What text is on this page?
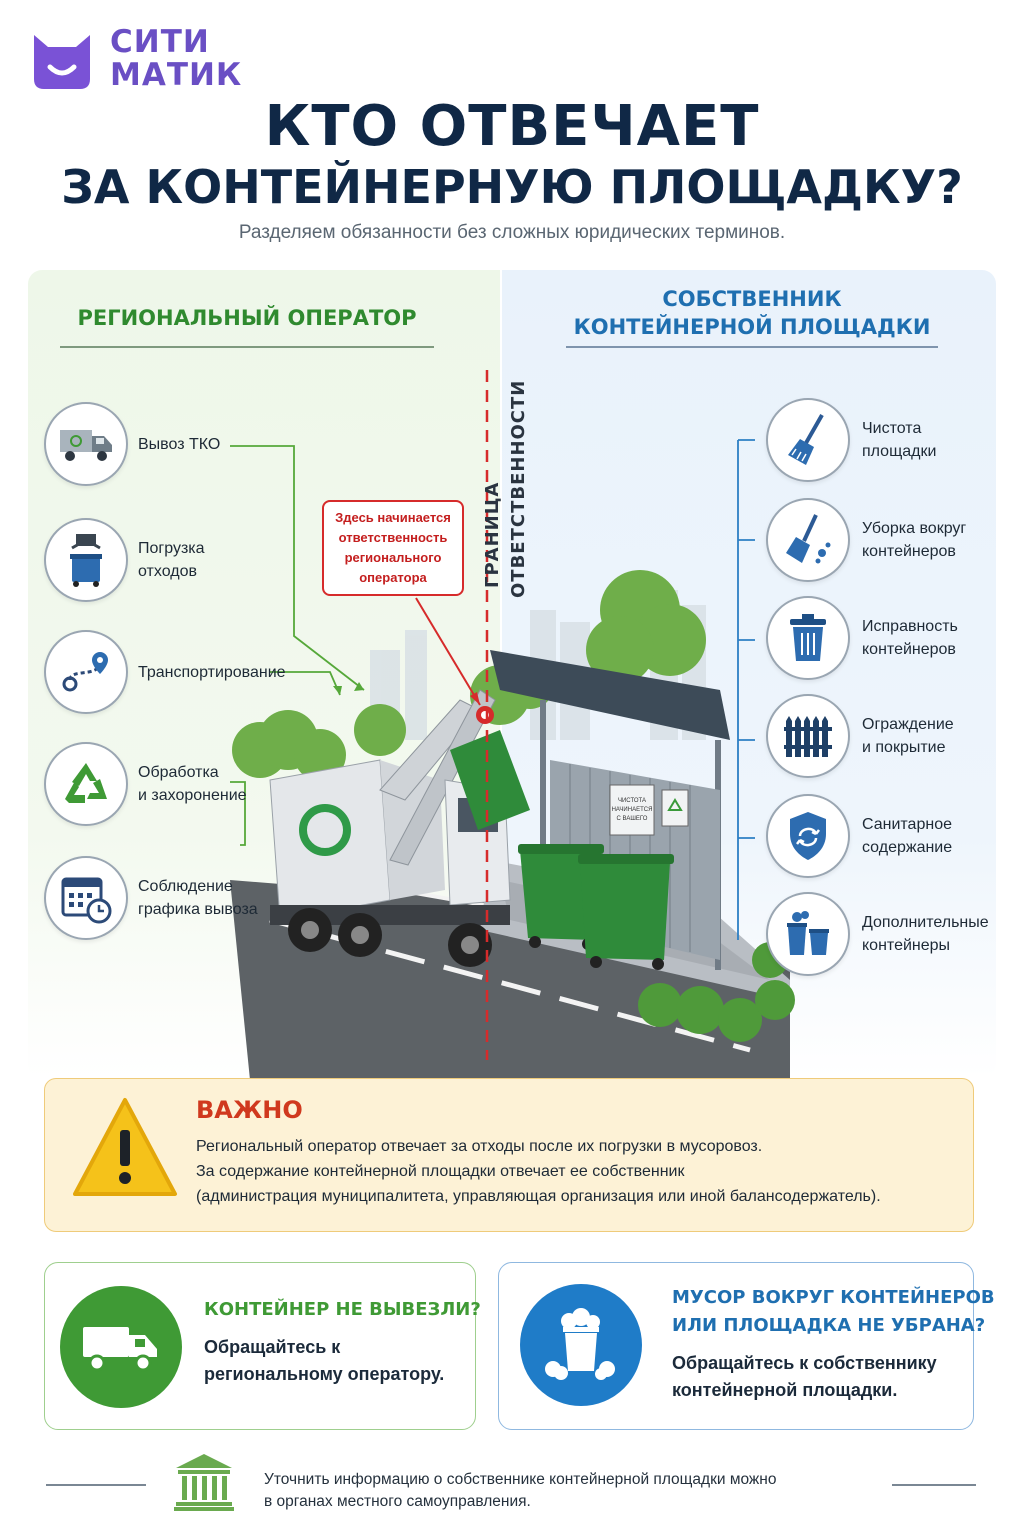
СИТИ
МАТИК
КТО ОТВЕЧАЕТ
ЗА КОНТЕЙНЕРНУЮ ПЛОЩАДКУ?
Разделяем обязанности без сложных юридических терминов.
РЕГИОНАЛЬНЫЙ ОПЕРАТОР
СОБСТВЕННИК
КОНТЕЙНЕРНОЙ ПЛОЩАДКИ
ЧИСТОТА
НАЧИНАЕТСЯ
С ВАШЕГО
ГРАНИЦА ОТВЕТСТВЕННОСТИ
Здесь начинается
ответственность
регионального
оператора
Вывоз ТКО
Погрузка
отходов
Транспортирование
Обработка
и захоронение
Соблюдение
графика вывоза
Чистота
площадки
Уборка вокруг
контейнеров
Исправность
контейнеров
Ограждение
и покрытие
Санитарное
содержание
Дополнительные
контейнеры
ВАЖНО
Региональный оператор отвечает за отходы после их погрузки в мусоровоз.
За содержание контейнерной площадки отвечает ее собственник
(администрация муниципалитета, управляющая организация или иной балансодержатель).
КОНТЕЙНЕР НЕ ВЫВЕЗЛИ?
Обращайтесь к
региональному оператору.
МУСОР ВОКРУГ КОНТЕЙНЕРОВ
ИЛИ ПЛОЩАДКА НЕ УБРАНА?
Обращайтесь к собственнику
контейнерной площадки.
Уточнить информацию о собственнике контейнерной площадки можно
в органах местного самоуправления.
